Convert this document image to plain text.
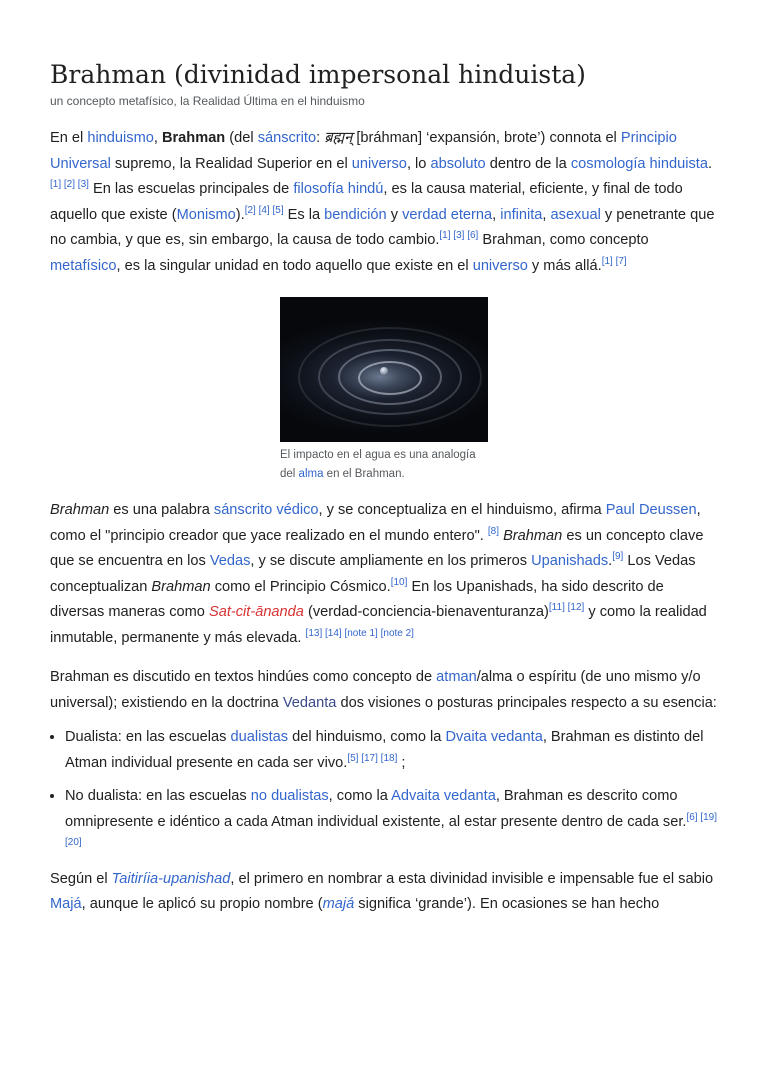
Brahman (divinidad impersonal hinduista)
un concepto metafísico, la Realidad Última en el hinduismo

En el hinduismo, Brahman (del sánscrito: ब्रह्मन् [bráhman] ‘expansión, brote’) connota el Principio Universal supremo, la Realidad Superior en el universo, lo absoluto dentro de la cosmología hinduista.[1] [2] [3] En las escuelas principales de filosofía hindú, es la causa material, eficiente, y final de todo aquello que existe (Monismo).[2] [4] [5] Es la bendición y verdad eterna, infinita, asexual y penetrante que no cambia, y que es, sin embargo, la causa de todo cambio.[1] [3] [6] Brahman, como concepto metafísico, es la singular unidad en todo aquello que existe en el universo y más allá.[1] [7]

El impacto en el agua es una analogía del alma en el Brahman.

Brahman es una palabra sánscrito védico, y se conceptualiza en el hinduismo, afirma Paul Deussen, como el "principio creador que yace realizado en el mundo entero". [8] Brahman es un concepto clave que se encuentra en los Vedas, y se discute ampliamente en los primeros Upanishads.[9] Los Vedas conceptualizan Brahman como el Principio Cósmico.[10] En los Upanishads, ha sido descrito de diversas maneras como Sat-cit-ānanda (verdad-conciencia-bienaventuranza)[11] [12] y como la realidad inmutable, permanente y más elevada. [13] [14] [note 1] [note 2]

Brahman es discutido en textos hindúes como concepto de atman/alma o espíritu (de uno mismo y/o universal); existiendo en la doctrina Vedanta dos visiones o posturas principales respecto a su esencia:

• Dualista: en las escuelas dualistas del hinduismo, como la Dvaita vedanta, Brahman es distinto del Atman individual presente en cada ser vivo.[5] [17] [18] ;
• No dualista: en las escuelas no dualistas, como la Advaita vedanta, Brahman es descrito como omnipresente e idéntico a cada Atman individual existente, al estar presente dentro de cada ser.[6] [19] [20]

Según el Taitiríia-upanishad, el primero en nombrar a esta divinidad invisible e impensable fue el sabio Majá, aunque le aplicó su propio nombre (majá significa ‘grande’). En ocasiones se han hecho
